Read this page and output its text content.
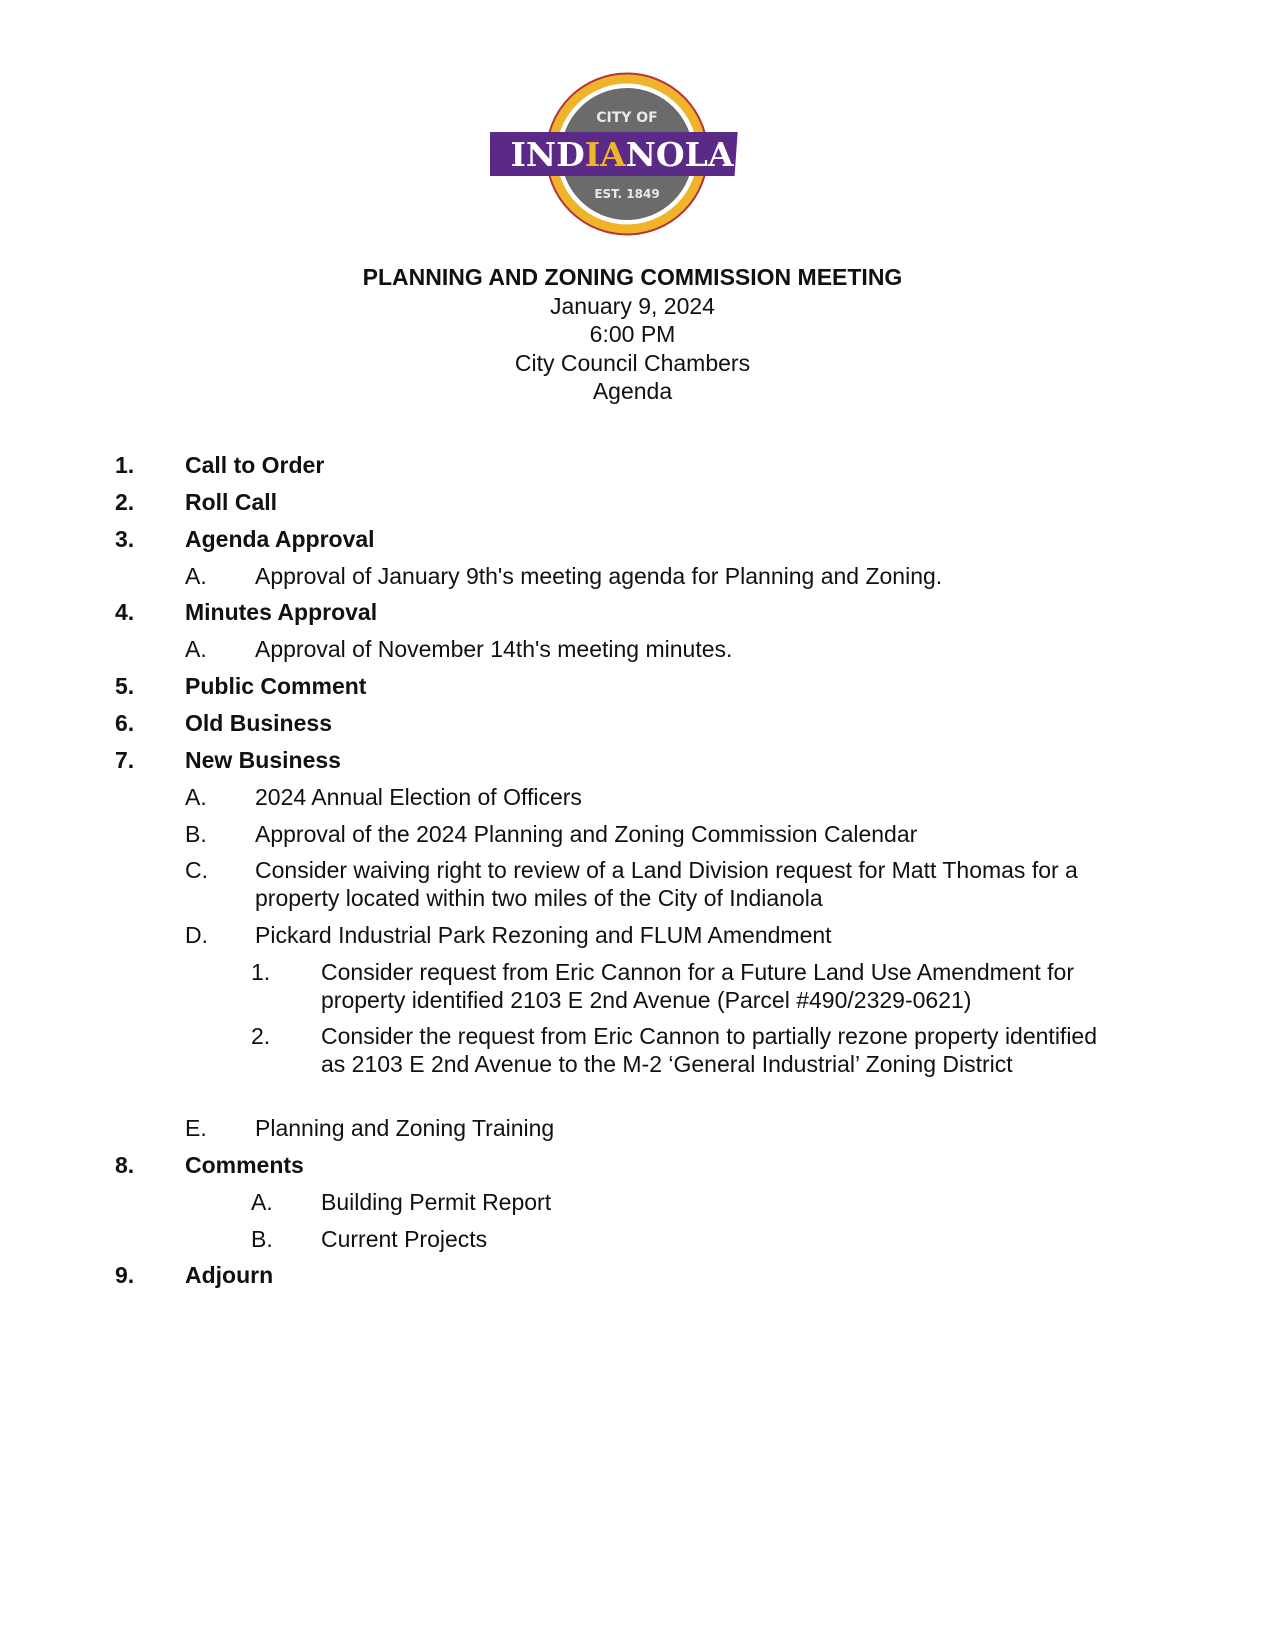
CITY OF
INDIANOLA
EST. 1849
PLANNING AND ZONING COMMISSION MEETING
January 9, 2024
6:00 PM
City Council Chambers
Agenda
1. Call to Order
2. Roll Call
3. Agenda Approval
A. Approval of January 9th's meeting agenda for Planning and Zoning.
4. Minutes Approval
A. Approval of November 14th's meeting minutes.
5. Public Comment
6. Old Business
7. New Business
A. 2024 Annual Election of Officers
B. Approval of the 2024 Planning and Zoning Commission Calendar
C. Consider waiving right to review of a Land Division request for Matt Thomas for a property located within two miles of the City of Indianola
D. Pickard Industrial Park Rezoning and FLUM Amendment
1. Consider request from Eric Cannon for a Future Land Use Amendment for property identified 2103 E 2nd Avenue (Parcel #490/2329-0621)
2. Consider the request from Eric Cannon to partially rezone property identified as 2103 E 2nd Avenue to the M-2 ‘General Industrial’ Zoning District
E. Planning and Zoning Training
8. Comments
A. Building Permit Report
B. Current Projects
9. Adjourn
